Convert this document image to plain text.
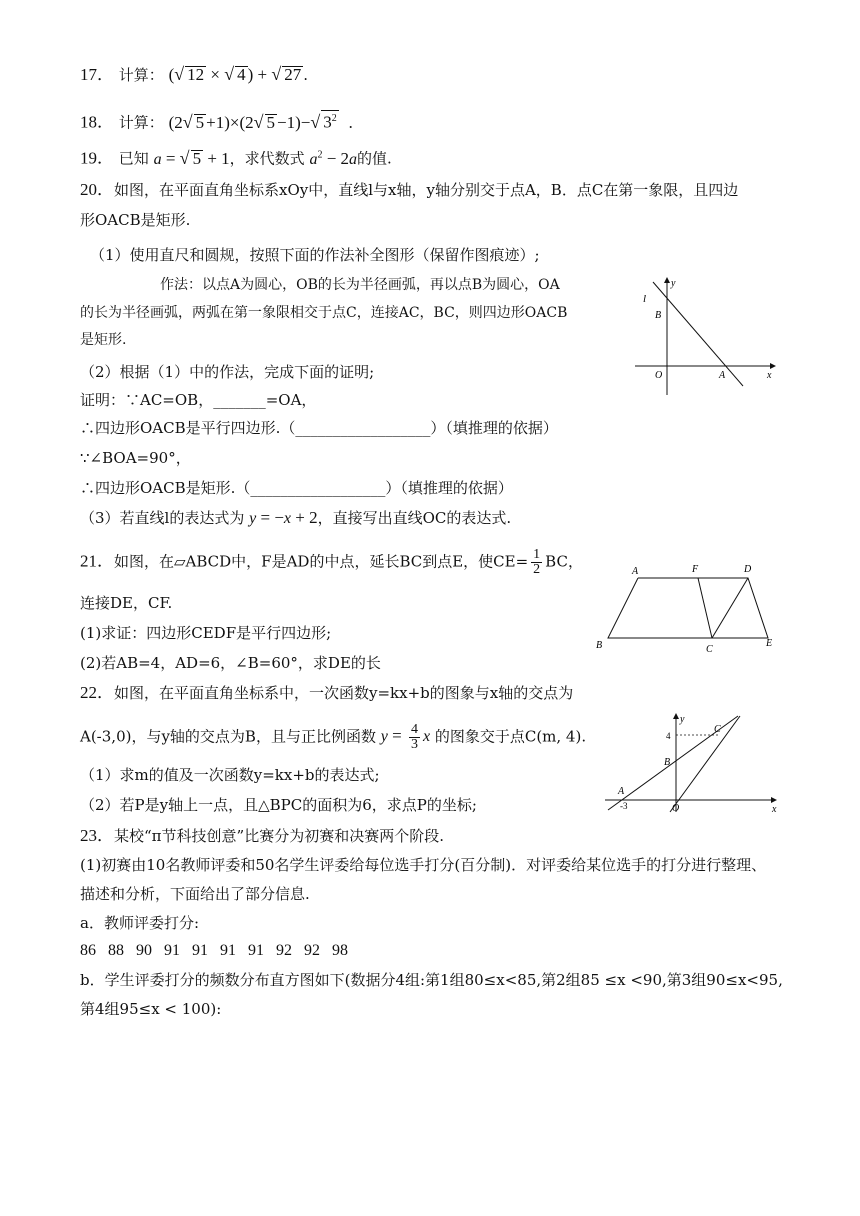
17． 计算： (√ 12 × √ 4 ) + √ 27 .
18． 计算： (2√ 5 +1)×(2√ 5 −1)−√ $3^2$ ．
19． 已知 a = √ 5 + 1，求代数式 $a^2 - 2a$的值.
20．如图，在平面直角坐标系xOy中，直线l与x轴，y轴分别交于点A，B．点C在第一象限，且四边
形OACB是矩形.
（1）使用直尺和圆规，按照下面的作法补全图形（保留作图痕迹）;
作法：以点A为圆心，OB的长为半径画弧，再以点B为圆心，OA
的长为半径画弧，两弧在第一象限相交于点C，连接AC，BC，则四边形OACB
是矩形.
（2）根据（1）中的作法，完成下面的证明;
证明：∵AC=OB，_______=OA，
∴四边形OACB是平行四边形.（__________________）（填推理的依据）
∵∠BOA=90°，
∴四边形OACB是矩形.（__________________）（填推理的依据）
（3）若直线l的表达式为 y = −x + 2，直接写出直线OC的表达式.
y
l
B
O	A	x
21．如图，在▱ABCD中，F是AD的中点，延长BC到点E，使$CE= \frac{1}{2}$ BC，
连接DE，CF.
(1)求证：四边形CEDF是平行四边形;
(2)若AB=4，AD=6，∠B=60°，求DE的长
A	F	D
B	C
E
22．如图，在平面直角坐标系中，一次函数y=kx+b的图象与x轴的交点为
A(-3,0)，与y轴的交点为B，且与正比例函数 $y = \frac{4}{3}$ x 的图象交于点C(m, 4).
（1）求m的值及一次函数y=kx+b的表达式;
（2）若P是y轴上一点，且△BPC的面积为6，求点P的坐标;
y
4
C
B
A
-3	O	x
23．某校“π节科技创意”比赛分为初赛和决赛两个阶段.
(1)初赛由10名教师评委和50名学生评委给每位选手打分(百分制)．对评委给某位选手的打分进行整理、
描述和分析，下面给出了部分信息.
a．教师评委打分:
86   88   90   91   91   91   91   92   92   98
b．学生评委打分的频数分布直方图如下(数据分4组:第1组80≤x<85,第2组85 ≤x <90,第3组90≤x<95,
第4组95≤x < 100):
